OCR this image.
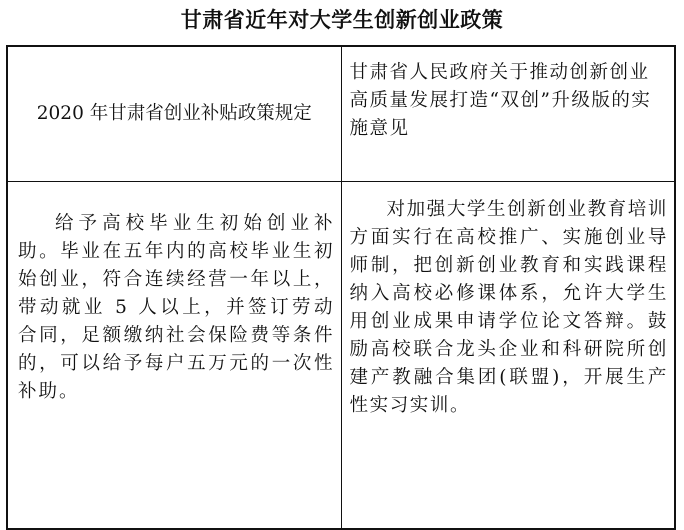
甘肃省近年对大学生创新创业政策
2020 年甘肃省创业补贴政策规定	甘肃省人民政府关于推动创新创业高质量发展打造“双创”升级版的实施意见

给予高校毕业生初始创业补助。毕业在五年内的高校毕业生初始创业，符合连续经营一年以上，带动就业 5 人以上，并签订劳动合同，足额缴纳社会保险费等条件的，可以给予每户五万元的一次性补助。	对加强大学生创新创业教育培训方面实行在高校推广、实施创业导师制，把创新创业教育和实践课程纳入高校必修课体系，允许大学生用创业成果申请学位论文答辩。鼓励高校联合龙头企业和科研院所创建产教融合集团(联盟)，开展生产性实习实训。
